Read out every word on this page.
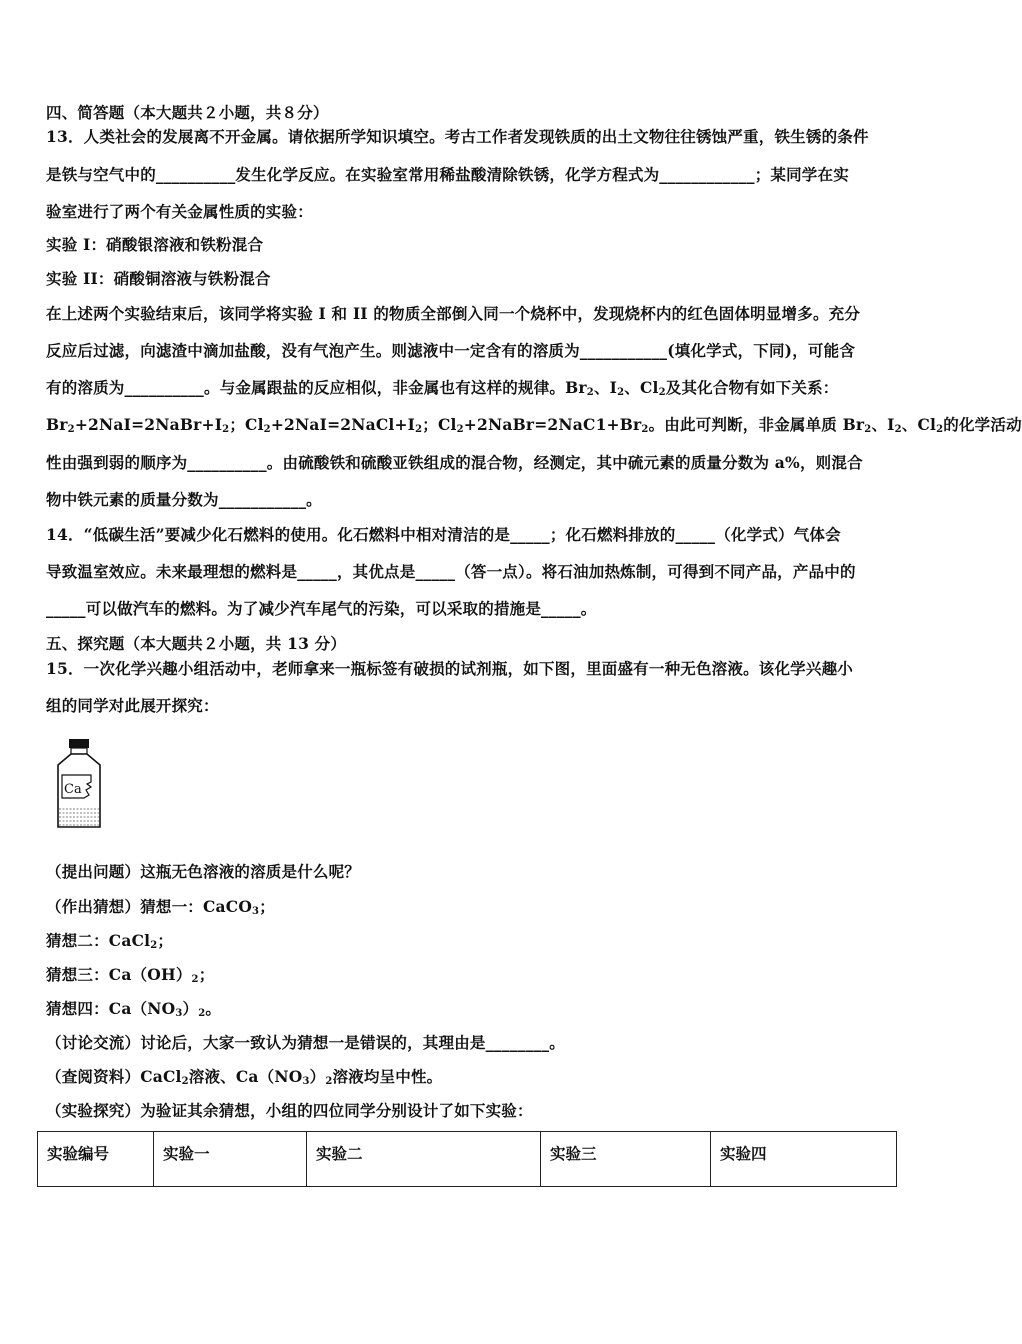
四、简答题（本大题共２小题，共８分）
13．人类社会的发展离不开金属。请依据所学知识填空。考古工作者发现铁质的出土文物往往锈蚀严重，铁生锈的条件
是铁与空气中的__________发生化学反应。在实验室常用稀盐酸清除铁锈，化学方程式为____________；某同学在实
验室进行了两个有关金属性质的实验：
实验 I：硝酸银溶液和铁粉混合
实验 II：硝酸铜溶液与铁粉混合
在上述两个实验结束后，该同学将实验 I 和 II 的物质全部倒入同一个烧杯中，发现烧杯内的红色固体明显增多。充分
反应后过滤，向滤渣中滴加盐酸，没有气泡产生。则滤液中一定含有的溶质为___________(填化学式，下同)，可能含
有的溶质为__________。与金属跟盐的反应相似，非金属也有这样的规律。$Br_2$、$I_2$、$Cl_2$及其化合物有如下关系：
$Br_2+2NaI=2NaBr+I_2$；$Cl_2+2NaI=2NaCl+I_2$；$Cl_2+2NaBr=2NaC1+Br_2$。由此可判断，非金属单质 $Br_2$、$I_2$、$Cl_2$的化学活动
性由强到弱的顺序为__________。由硫酸铁和硫酸亚铁组成的混合物，经测定，其中硫元素的质量分数为 a%，则混合
物中铁元素的质量分数为___________。
14．“低碳生活”要减少化石燃料的使用。化石燃料中相对清洁的是_____；化石燃料排放的_____（化学式）气体会
导致温室效应。未来最理想的燃料是_____，其优点是_____（答一点）。将石油加热炼制，可得到不同产品，产品中的
_____可以做汽车的燃料。为了减少汽车尾气的污染，可以采取的措施是_____。
五、探究题（本大题共２小题，共 13 分）
15．一次化学兴趣小组活动中，老师拿来一瓶标签有破损的试剂瓶，如下图，里面盛有一种无色溶液。该化学兴趣小
组的同学对此展开探究：
Ca
（提出问题）这瓶无色溶液的溶质是什么呢？
（作出猜想）猜想一：CaCO$_3$；
猜想二：CaCl$_2$；
猜想三：$Ca(OH)_2$；
猜想四：$Ca(NO_3)_2$。
（讨论交流）讨论后，大家一致认为猜想一是错误的，其理由是________。
（查阅资料）CaCl$_2$溶液、$Ca(NO_3)_2$溶液均呈中性。
（实验探究）为验证其余猜想，小组的四位同学分别设计了如下实验：
实验编号	实验一	实验二	实验三	实验四
